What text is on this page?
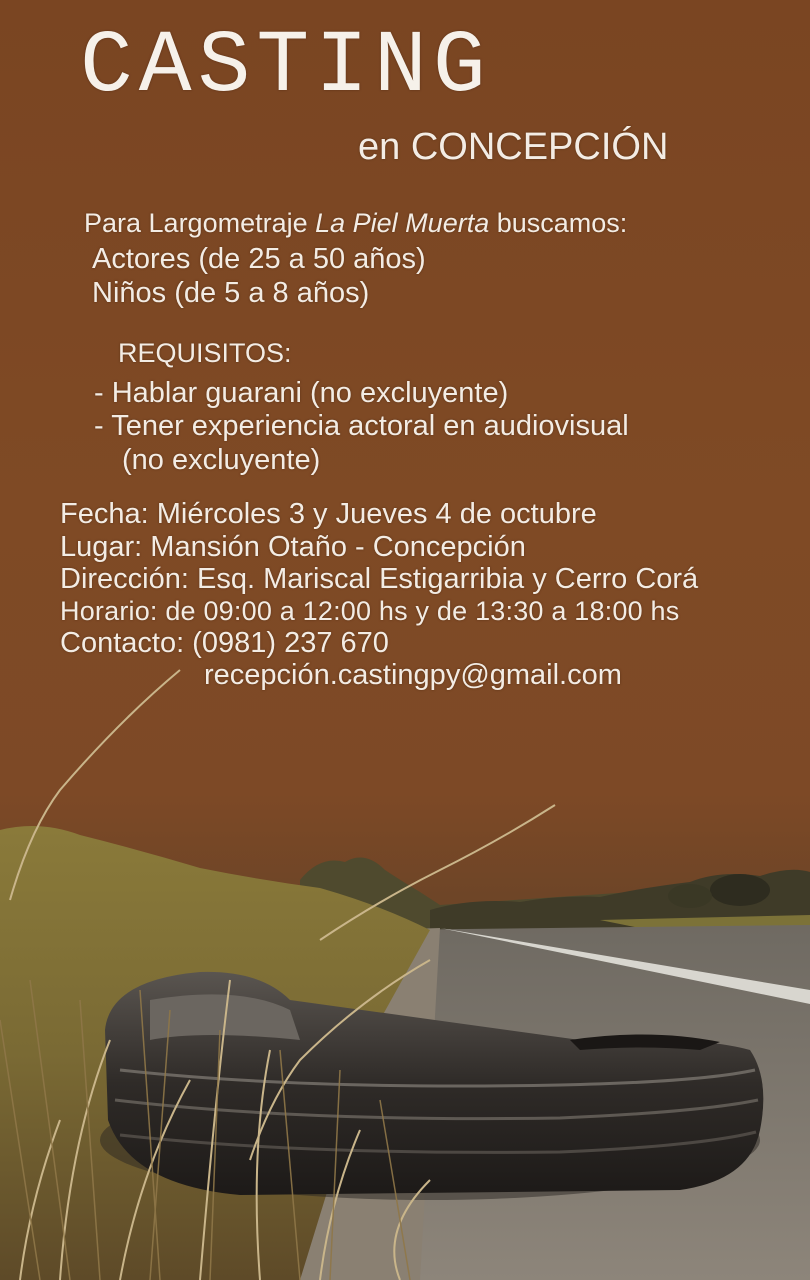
CASTING
en CONCEPCIÓN
Para Largometraje La Piel Muerta buscamos:
Actores (de 25 a 50 años)
Niños (de 5 a 8 años)
REQUISITOS:
- Hablar guarani (no excluyente)
- Tener experiencia actoral en audiovisual
(no excluyente)
Fecha: Miércoles 3 y Jueves 4 de octubre
Lugar: Mansión Otaño - Concepción
Dirección: Esq. Mariscal Estigarribia y Cerro Corá
Horario: de 09:00 a 12:00 hs y de 13:30 a 18:00 hs
Contacto: (0981) 237 670
recepción.castingpy@gmail.com
